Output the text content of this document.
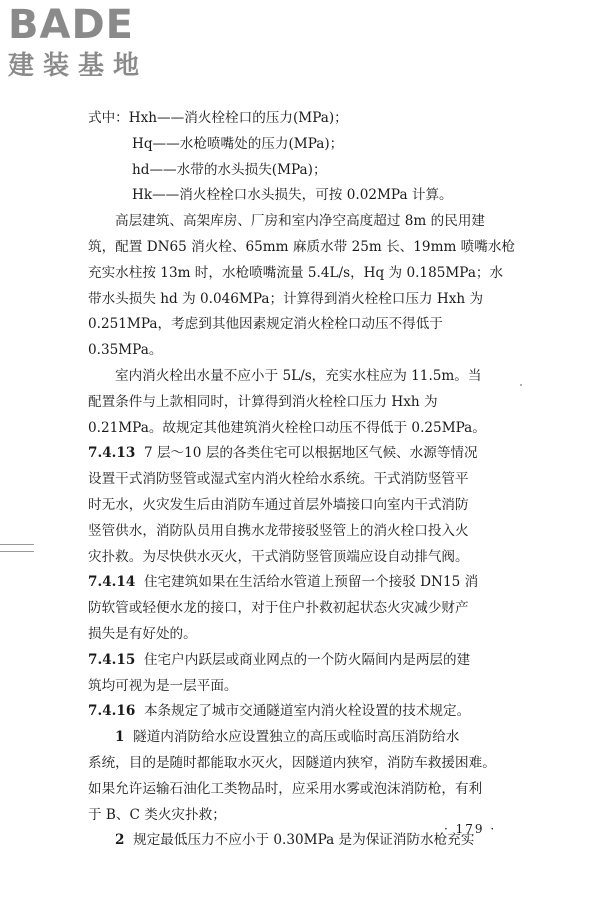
BADE
建装基地
式中：Hxh——消火栓栓口的压力(MPa)；
Hq——水枪喷嘴处的压力(MPa)；
hd——水带的水头损失(MPa)；
Hk——消火栓栓口水头损失，可按 0.02MPa 计算。
高层建筑、高架库房、厂房和室内净空高度超过 8m 的民用建
筑，配置 DN65 消火栓、65mm 麻质水带 25m 长、19mm 喷嘴水枪
充实水柱按 13m 时，水枪喷嘴流量 5.4L/s，Hq 为 0.185MPa；水
带水头损失 hd 为 0.046MPa；计算得到消火栓栓口压力 Hxh 为
0.251MPa，考虑到其他因素规定消火栓栓口动压不得低于
0.35MPa。
室内消火栓出水量不应小于 5L/s，充实水柱应为 11.5m。当
配置条件与上款相同时，计算得到消火栓栓口压力 Hxh 为
0.21MPa。故规定其他建筑消火栓栓口动压不得低于 0.25MPa。
7.4.13 7 层～10 层的各类住宅可以根据地区气候、水源等情况
设置干式消防竖管或湿式室内消火栓给水系统。干式消防竖管平
时无水，火灾发生后由消防车通过首层外墙接口向室内干式消防
竖管供水，消防队员用自携水龙带接驳竖管上的消火栓口投入火
灾扑救。为尽快供水灭火，干式消防竖管顶端应设自动排气阀。
7.4.14 住宅建筑如果在生活给水管道上预留一个接驳 DN15 消
防软管或轻便水龙的接口，对于住户扑救初起状态火灾减少财产
损失是有好处的。
7.4.15 住宅户内跃层或商业网点的一个防火隔间内是两层的建
筑均可视为是一层平面。
7.4.16 本条规定了城市交通隧道室内消火栓设置的技术规定。
1 隧道内消防给水应设置独立的高压或临时高压消防给水
系统，目的是随时都能取水灭火，因隧道内狭窄，消防车救援困难。
如果允许运输石油化工类物品时，应采用水雾或泡沫消防枪，有利
于 B、C 类火灾扑救；
2 规定最低压力不应小于 0.30MPa 是为保证消防水枪充实
· 179 ·
